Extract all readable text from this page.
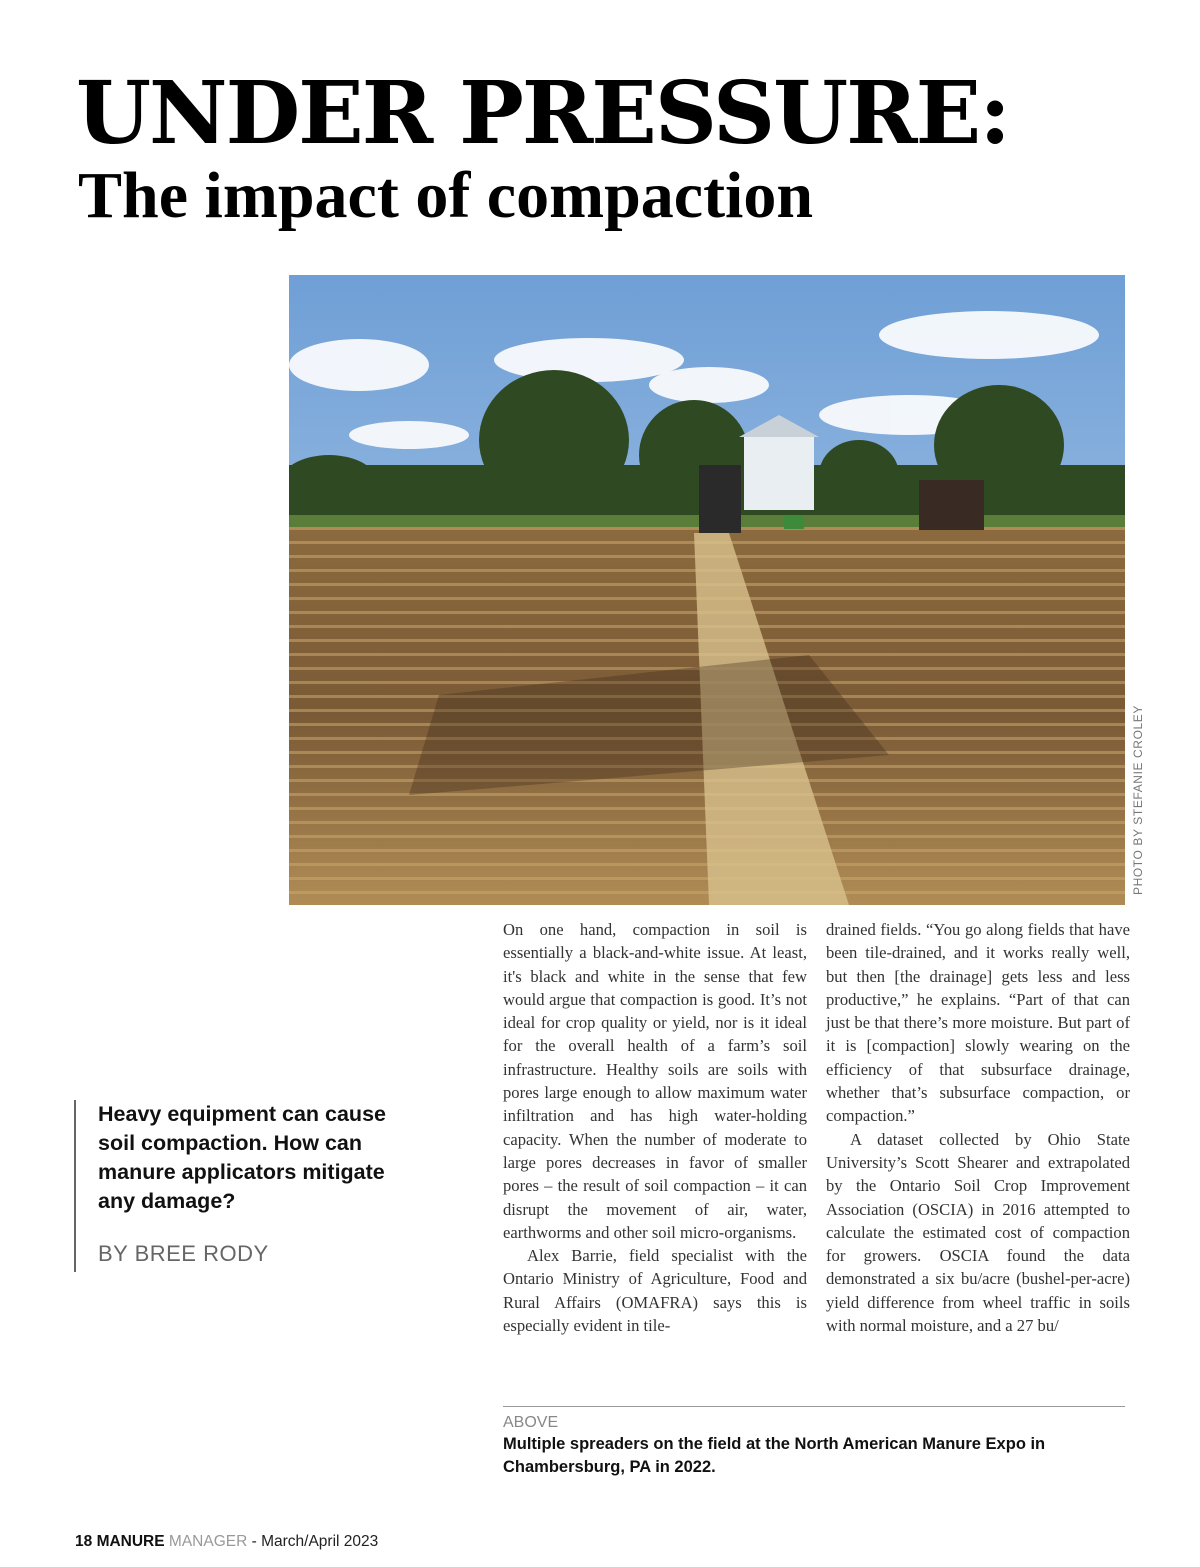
UNDER PRESSURE:
The impact of compaction
PHOTO BY STEFANIE CROLEY

Heavy equipment can cause soil compaction. How can manure applicators mitigate any damage?

BY BREE RODY

On one hand, compaction in soil is essentially a black-and-white issue. At least, it's black and white in the sense that few would argue that compaction is good. It’s not ideal for crop quality or yield, nor is it ideal for the overall health of a farm’s soil infrastructure. Healthy soils are soils with pores large enough to allow maximum water infiltration and has high water-holding capacity. When the number of moderate to large pores decreases in favor of smaller pores – the result of soil compaction – it can disrupt the movement of air, water, earthworms and other soil micro-organisms.

Alex Barrie, field specialist with the Ontario Ministry of Agriculture, Food and Rural Affairs (OMAFRA) says this is especially evident in tile-

drained fields. “You go along fields that have been tile-drained, and it works really well, but then [the drainage] gets less and less productive,” he explains. “Part of that can just be that there’s more moisture. But part of it is [compaction] slowly wearing on the efficiency of that subsurface drainage, whether that’s subsurface compaction, or compaction.”

A dataset collected by Ohio State University’s Scott Shearer and extrapolated by the Ontario Soil Crop Improvement Association (OSCIA) in 2016 attempted to calculate the estimated cost of compaction for growers. OSCIA found the data demonstrated a six bu/acre (bushel-per-acre) yield difference from wheel traffic in soils with normal moisture, and a 27 bu/

ABOVE
Multiple spreaders on the field at the North American Manure Expo in Chambersburg, PA in 2022.
18 MANURE MANAGER - March/April 2023
